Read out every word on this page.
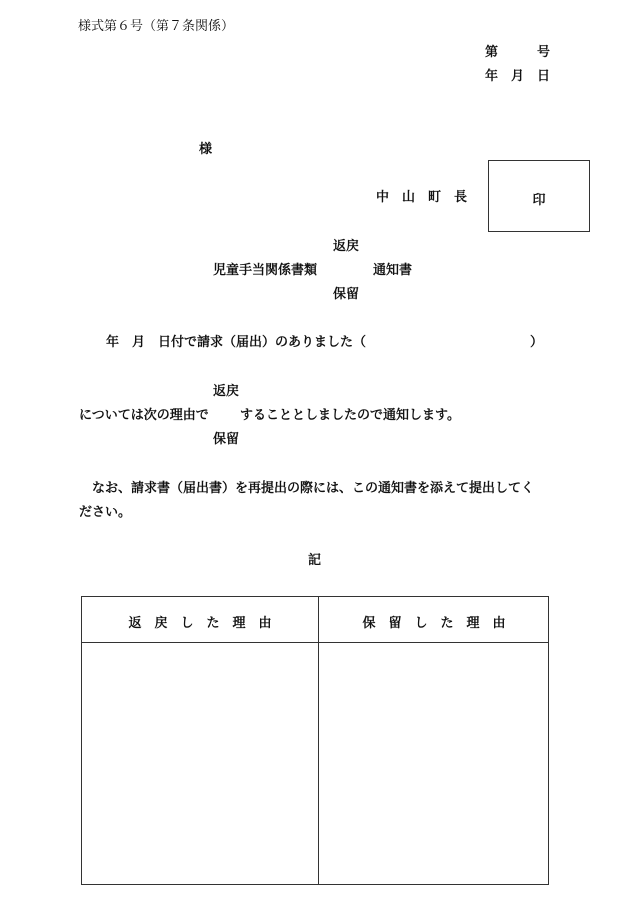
様式第６号（第７条関係）
第　　　号
年　月　日
様
中　山　町　長	印
返戻
児童手当関係書類	通知書
保留
年　月　日付で請求（届出）のありました（	）
返戻
については次の理由で することとしましたので通知します。
保留
なお、請求書（届出書）を再提出の際には、この通知書を添えて提出してく
ださい。
記
返　戻　し　た　理　由	保　留　し　た　理　由
